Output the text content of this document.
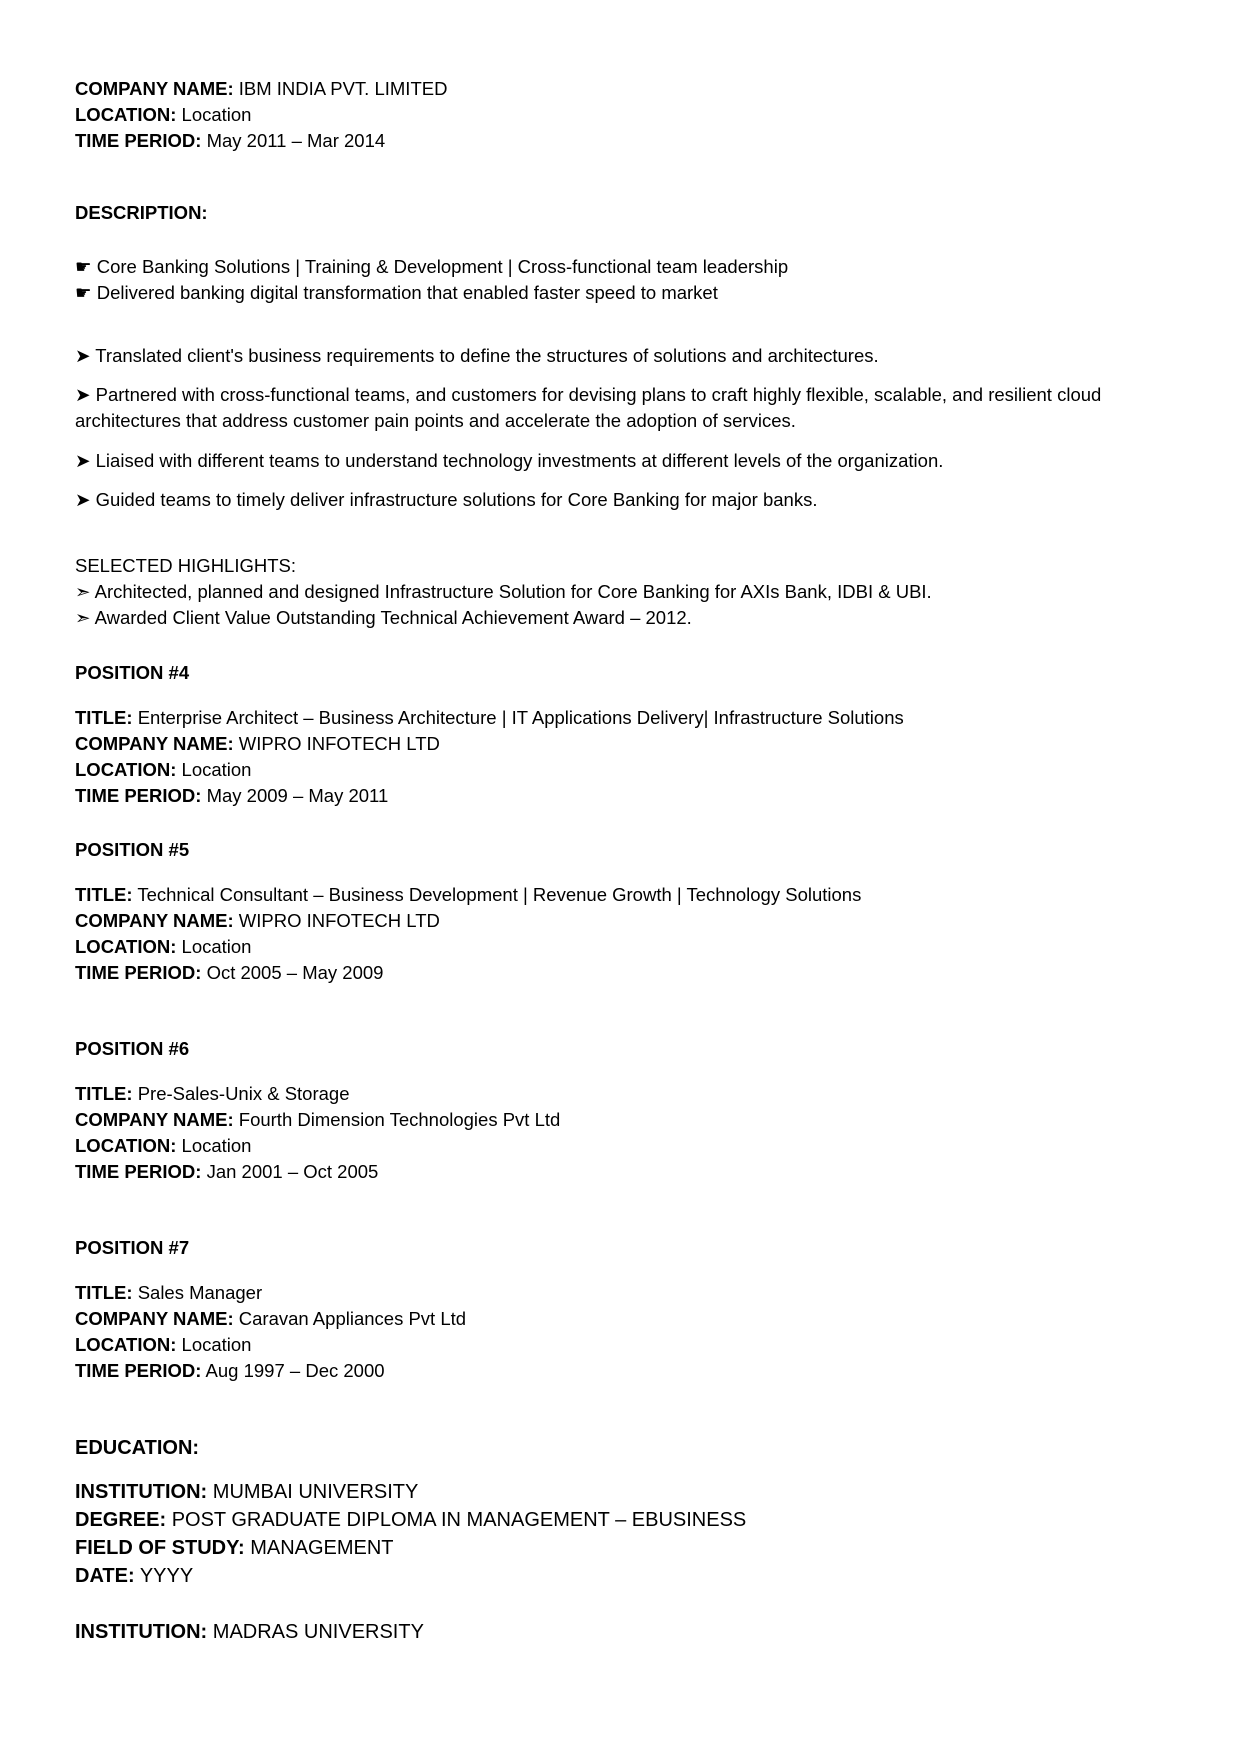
COMPANY NAME: IBM INDIA PVT. LIMITED
LOCATION: Location
TIME PERIOD: May 2011 – Mar 2014
DESCRIPTION:
☛ Core Banking Solutions | Training & Development | Cross-functional team leadership
☛ Delivered banking digital transformation that enabled faster speed to market
➤ Translated client's business requirements to define the structures of solutions and architectures.
➤ Partnered with cross-functional teams, and customers for devising plans to craft highly flexible, scalable, and resilient cloud architectures that address customer pain points and accelerate the adoption of services.
➤ Liaised with different teams to understand technology investments at different levels of the organization.
➤ Guided teams to timely deliver infrastructure solutions for Core Banking for major banks.
SELECTED HIGHLIGHTS:
➣ Architected, planned and designed Infrastructure Solution for Core Banking for AXIs Bank, IDBI & UBI.
➣ Awarded Client Value Outstanding Technical Achievement Award – 2012.
POSITION #4
TITLE: Enterprise Architect – Business Architecture | IT Applications Delivery| Infrastructure Solutions
COMPANY NAME: WIPRO INFOTECH LTD
LOCATION: Location
TIME PERIOD: May 2009 – May 2011
POSITION #5
TITLE: Technical Consultant – Business Development | Revenue Growth | Technology Solutions
COMPANY NAME: WIPRO INFOTECH LTD
LOCATION: Location
TIME PERIOD: Oct 2005 – May 2009
POSITION #6
TITLE: Pre-Sales-Unix & Storage
COMPANY NAME: Fourth Dimension Technologies Pvt Ltd
LOCATION: Location
TIME PERIOD: Jan 2001 – Oct 2005
POSITION #7
TITLE: Sales Manager
COMPANY NAME: Caravan Appliances Pvt Ltd
LOCATION: Location
TIME PERIOD: Aug 1997 – Dec 2000
EDUCATION:
INSTITUTION: MUMBAI UNIVERSITY
DEGREE: POST GRADUATE DIPLOMA IN MANAGEMENT – EBUSINESS
FIELD OF STUDY: MANAGEMENT
DATE: YYYY
INSTITUTION: MADRAS UNIVERSITY
